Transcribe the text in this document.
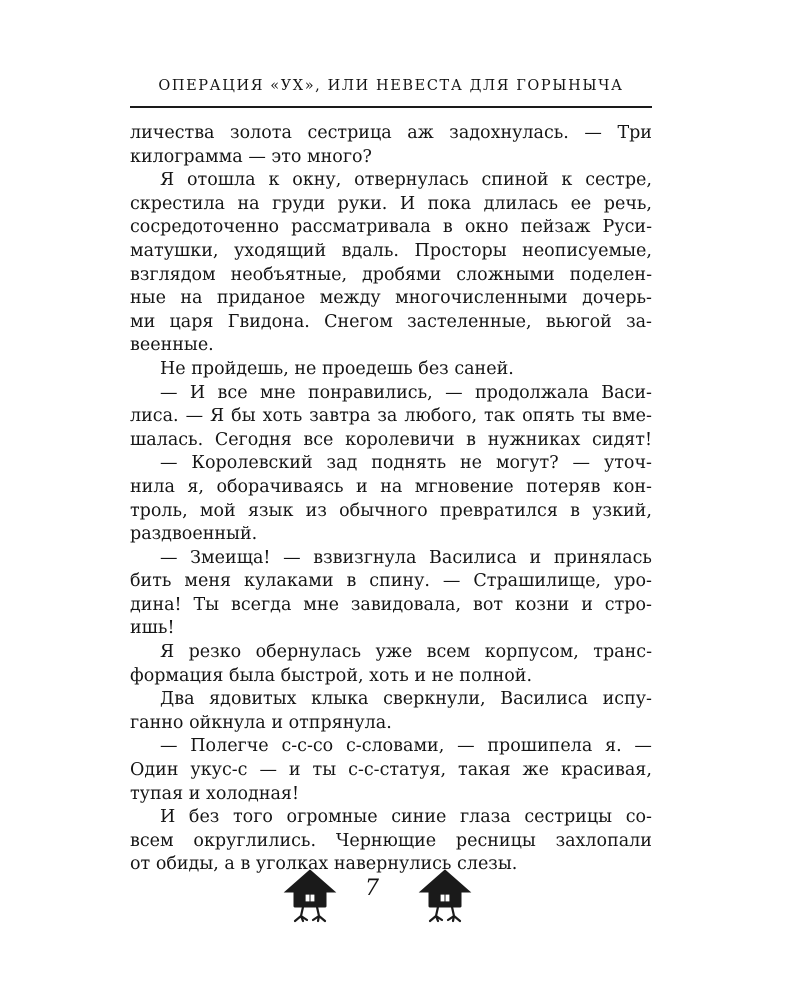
ОПЕРАЦИЯ «УХ», ИЛИ НЕВЕСТА ДЛЯ ГОРЫНЫЧА
личества золота сестрица аж задохнулась. — Три
килограмма — это много?
Я отошла к окну, отвернулась спиной к сестре,
скрестила на груди руки. И пока длилась ее речь,
сосредоточенно рассматривала в окно пейзаж Руси-
матушки, уходящий вдаль. Просторы неописуемые,
взглядом необъятные, дробями сложными поделен-
ные на приданое между многочисленными дочерь-
ми царя Гвидона. Снегом застеленные, вьюгой за-
веенные.
Не пройдешь, не проедешь без саней.
— И все мне понравились, — продолжала Васи-
лиса. — Я бы хоть завтра за любого, так опять ты вме-
шалась. Сегодня все королевичи в нужниках сидят!
— Королевский зад поднять не могут? — уточ-
нила я, оборачиваясь и на мгновение потеряв кон-
троль, мой язык из обычного превратился в узкий,
раздвоенный.
— Змеища! — взвизгнула Василиса и принялась
бить меня кулаками в спину. — Страшилище, уро-
дина! Ты всегда мне завидовала, вот козни и стро-
ишь!
Я резко обернулась уже всем корпусом, транс-
формация была быстрой, хоть и не полной.
Два ядовитых клыка сверкнули, Василиса испу-
ганно ойкнула и отпрянула.
— Полегче с-с-со с-словами, — прошипела я. —
Один укус-с — и ты с-с-статуя, такая же красивая,
тупая и холодная!
И без того огромные синие глаза сестрицы со-
всем округлились. Чернющие ресницы захлопали
от обиды, а в уголках навернулись слезы.
7
